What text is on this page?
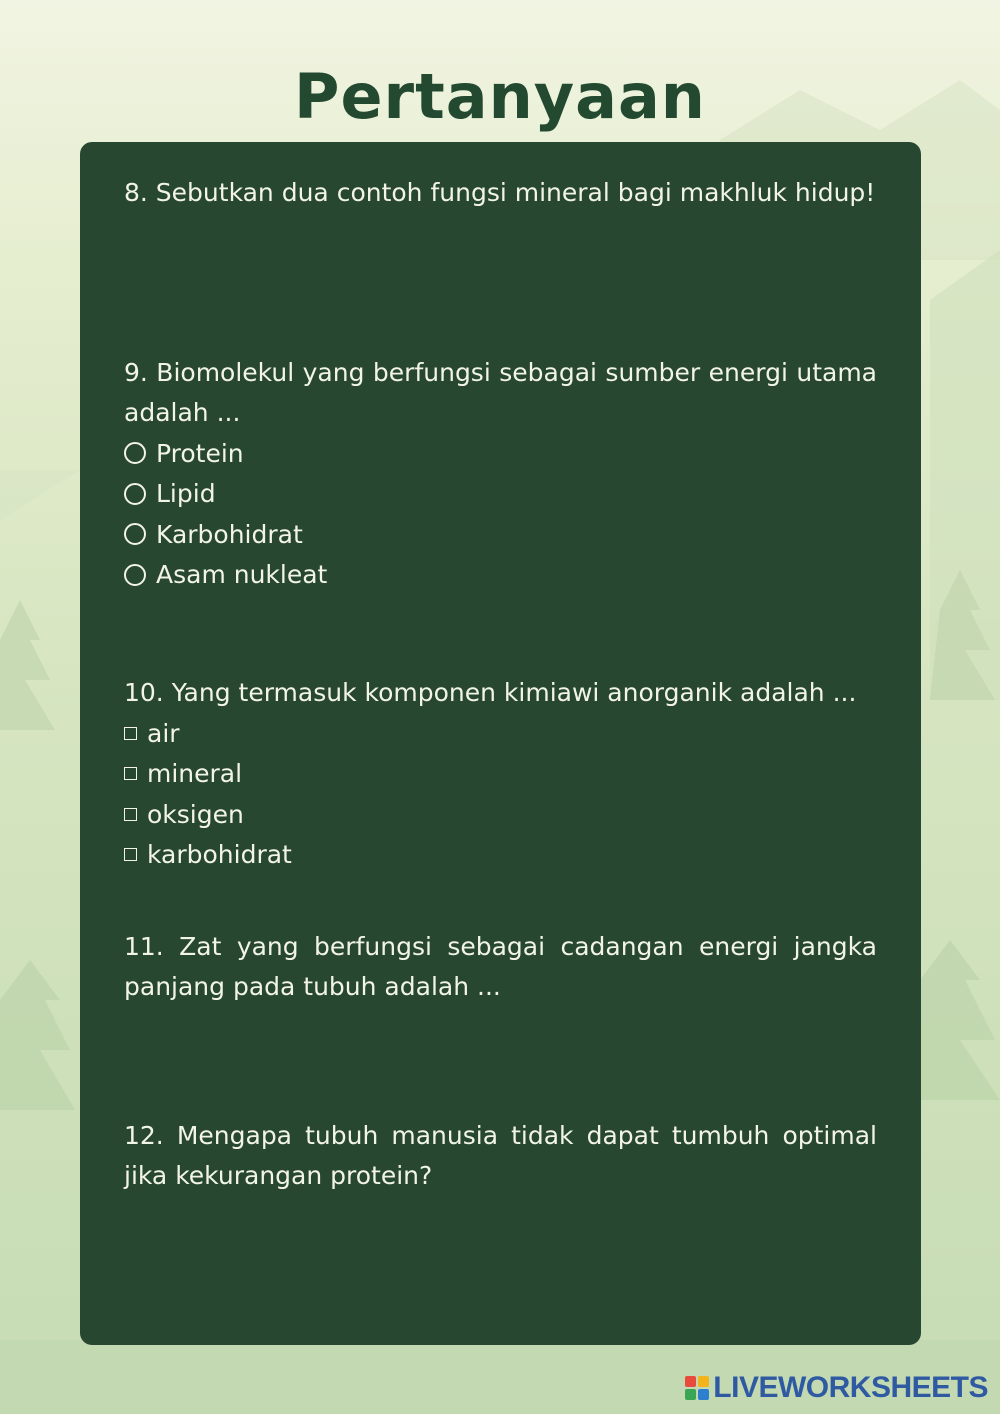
Pertanyaan

8. Sebutkan dua contoh fungsi mineral bagi makhluk hidup!

9. Biomolekul yang berfungsi sebagai sumber energi utama adalah ...

Protein
Lipid
Karbohidrat
Asam nukleat

10. Yang termasuk komponen kimiawi anorganik adalah ...

air
mineral
oksigen
karbohidrat

11. Zat yang berfungsi sebagai cadangan energi jangka panjang pada tubuh adalah ...

12. Mengapa tubuh manusia tidak dapat tumbuh optimal jika kekurangan protein?

LIVEWORKSHEETS
